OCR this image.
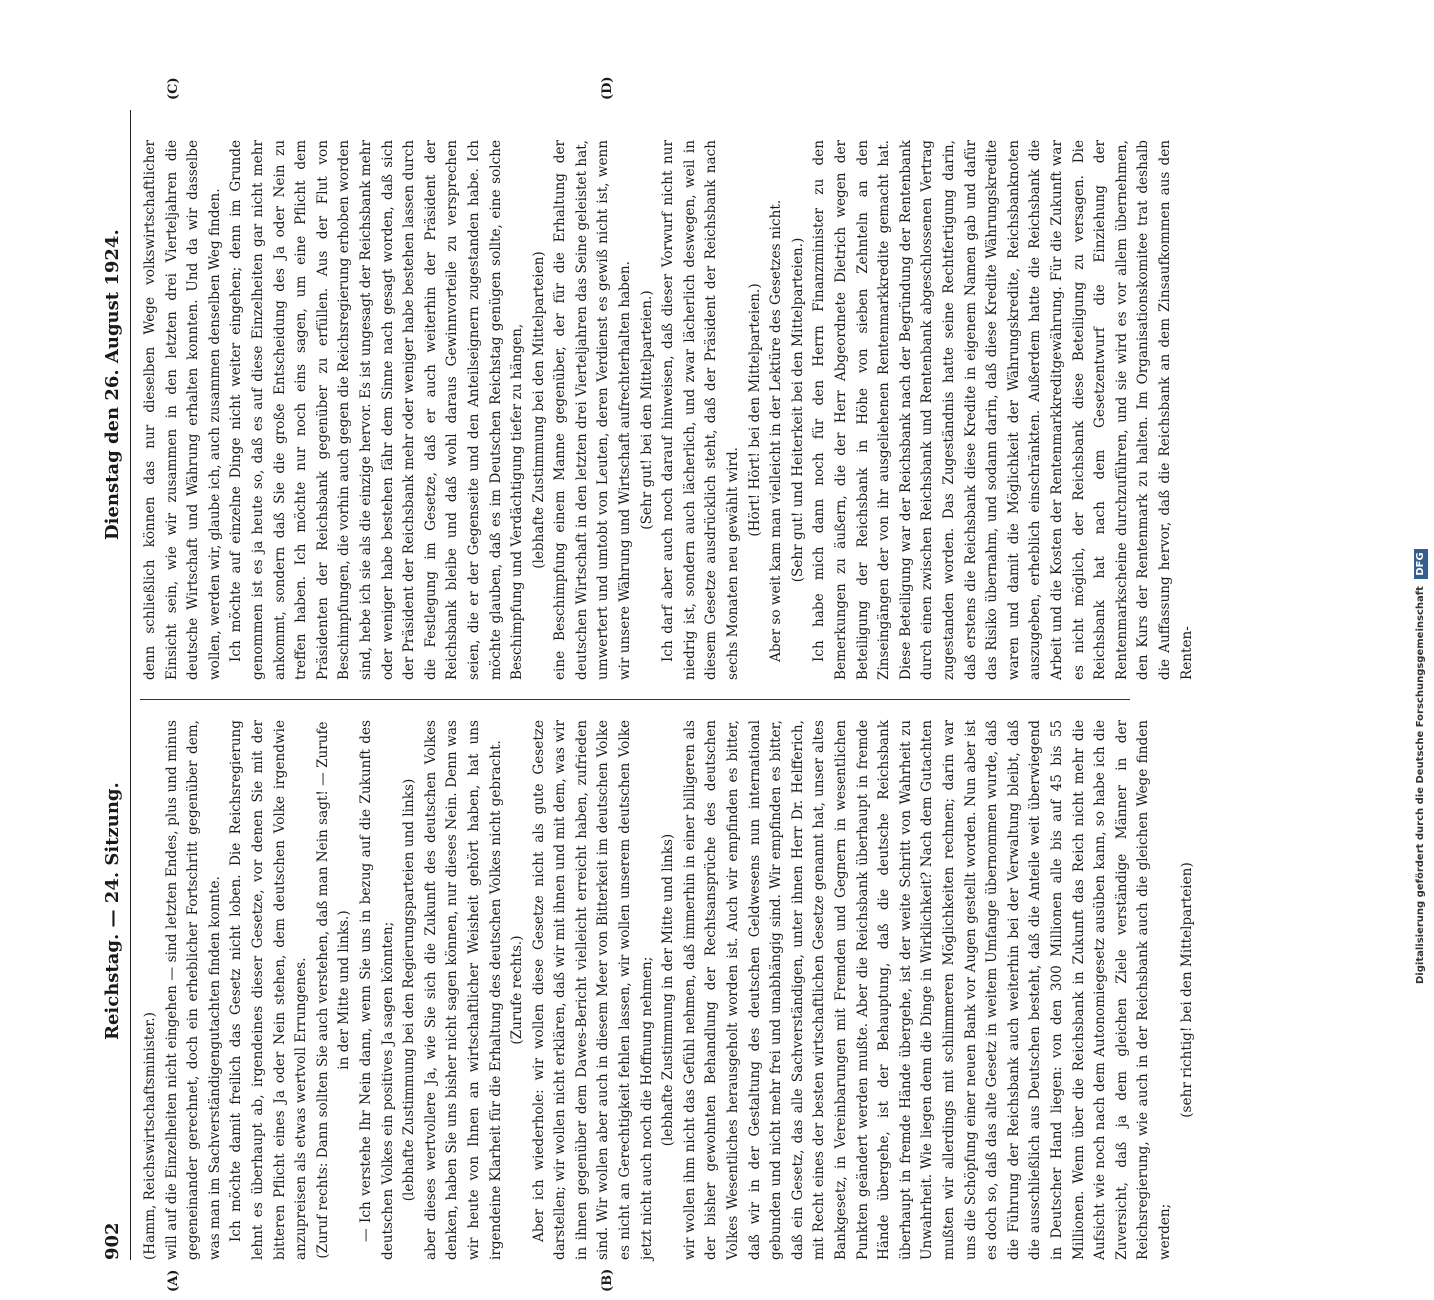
902
Reichstag. — 24. Sitzung.
Dienstag den 26. August 1924.
(A)	(B)
(C)	(D)

(Hamm, Reichswirtschaftsminister.) will auf die Einzelheiten nicht eingehen — sind letzten Endes, plus und minus gegeneinander gerechnet, doch ein erheblicher Fortschritt gegenüber dem, was man im Sachverständigengutachten finden konnte. Ich möchte damit freilich das Gesetz nicht loben. Die Reichsregierung lehnt es überhaupt ab, irgendeines dieser Gesetze, vor denen Sie mit der bitteren Pflicht eines Ja oder Nein stehen, dem deutschen Volke irgendwie anzupreisen als etwas wertvoll Errungenes. (Zuruf rechts: Dann sollten Sie auch verstehen, daß man Nein sagt! — Zurufe in der Mitte und links.) — Ich verstehe Ihr Nein dann, wenn Sie uns in bezug auf die Zukunft des deutschen Volkes ein positives Ja sagen könnten; (lebhafte Zustimmung bei den Regierungsparteien und links) aber dieses wertvollere Ja, wie Sie sich die Zukunft des deutschen Volkes denken, haben Sie uns bisher nicht sagen können, nur dieses Nein. Denn was wir heute von Ihnen an wirtschaftlicher Weisheit gehört haben, hat uns irgendeine Klarheit für die Erhaltung des deutschen Volkes nicht gebracht. (Zurufe rechts.) Aber ich wiederhole: wir wollen diese Gesetze nicht als gute Gesetze darstellen; wir wollen nicht erklären, daß wir mit ihnen und mit dem, was wir in ihnen gegenüber dem Dawes-Bericht vielleicht erreicht haben, zufrieden sind. Wir wollen aber auch in diesem Meer von Bitterkeit im deutschen Volke es nicht an Gerechtigkeit fehlen lassen, wir wollen unserem deutschen Volke jetzt nicht auch noch die Hoffnung nehmen; (lebhafte Zustimmung in der Mitte und links) wir wollen ihm nicht das Gefühl nehmen, daß immerhin in einer billigeren als der bisher gewohnten Behandlung der Rechtsansprüche des deutschen Volkes Wesentliches herausgeholt worden ist. Auch wir empfinden es bitter, daß wir in der Gestaltung des deutschen Geldwesens nun international gebunden und nicht mehr frei und unabhängig sind. Wir empfinden es bitter, daß ein Gesetz, das alle Sachverständigen, unter ihnen Herr Dr. Helfferich, mit Recht eines der besten wirtschaftlichen Gesetze genannt hat, unser altes Bankgesetz, in Vereinbarungen mit Fremden und Gegnern in wesentlichen Punkten geändert werden mußte. Aber die Reichsbank überhaupt in fremde Hände übergehe, ist der Behauptung, daß die deutsche Reichsbank überhaupt in fremde Hände übergehe, ist der weite Schritt von Wahrheit zu Unwahrheit. Wie liegen denn die Dinge in Wirklichkeit? Nach dem Gutachten mußten wir allerdings mit schlimmeren Möglichkeiten rechnen; darin war uns die Schöpfung einer neuen Bank vor Augen gestellt worden. Nun aber ist es doch so, daß das alte Gesetz in weitem Umfange übernommen wurde, daß die Führung der Reichsbank auch weiterhin bei der Verwaltung bleibt, daß die ausschließlich aus Deutschen besteht, daß die Anteile weit überwiegend in Deutscher Hand liegen: von den 300 Millionen alle bis auf 45 bis 55 Millionen. Wenn über die Reichsbank in Zukunft das Reich nicht mehr die Aufsicht wie noch nach dem Autonomiegesetz ausüben kann, so habe ich die Zuversicht, daß ja dem gleichen Ziele verständige Männer in der Reichsregierung, wie auch in der Reichsbank auch die gleichen Wege finden werden;

(sehr richtig! bei den Mittelparteien)

denn schließlich können das nur dieselben Wege volkswirtschaftlicher Einsicht sein, wie wir zusammen in den letzten drei Vierteljahren die deutsche Wirtschaft und Währung erhalten konnten. Und da wir dasselbe wollen, werden wir, glaube ich, auch zusammen denselben Weg finden. Ich möchte auf einzelne Dinge nicht weiter eingehen; denn im Grunde genommen ist es ja heute so, daß es auf diese Einzelheiten gar nicht mehr ankommt, sondern daß Sie die große Entscheidung des Ja oder Nein zu treffen haben. Ich möchte nur noch eins sagen, um eine Pflicht dem Präsidenten der Reichsbank gegenüber zu erfüllen. Aus der Flut von Beschimpfungen, die vorhin auch gegen die Reichsregierung erhoben worden sind, hebe ich sie als die einzige hervor. Es ist ungesagt der Reichsbank mehr oder weniger habe bestehen fähr dem Sinne nach gesagt worden, daß sich der Präsident der Reichsbank mehr oder weniger habe bestehen lassen durch die Festlegung im Gesetze, daß er auch weiterhin der Präsident der Reichsbank bleibe und daß wohl daraus Gewinnvorteile zu versprechen seien, die er der Gegenseite und den Anteilseignern zugestanden habe. Ich möchte glauben, daß es im Deutschen Reichstag genügen sollte, eine solche Beschimpfung und Verdächtigung tiefer zu hängen, (lebhafte Zustimmung bei den Mittelparteien) eine Beschimpfung einem Manne gegenüber, der für die Erhaltung der deutschen Wirtschaft in den letzten drei Vierteljahren das Seine geleistet hat, umwertert und umtobt von Leuten, deren Verdienst es gewiß nicht ist, wenn wir unsere Währung und Wirtschaft aufrechterhalten haben. (Sehr gut! bei den Mittelparteien.) Ich darf aber auch noch darauf hinweisen, daß dieser Vorwurf nicht nur niedrig ist, sondern auch lächerlich, und zwar lächerlich deswegen, weil in diesem Gesetze ausdrücklich steht, daß der Präsident der Reichsbank nach sechs Monaten neu gewählt wird.

(Hört! Hört! bei den Mittelparteien.) Aber so weit kam man vielleicht in der Lektüre des Gesetzes nicht. (Sehr gut! und Heiterkeit bei den Mittelparteien.) Ich habe mich dann noch für den Herrn Finanzminister zu den Bemerkungen zu äußern, die der Herr Abgeordnete Dietrich wegen der Beteiligung der Reichsbank in Höhe von sieben Zehnteln an den Zinseingängen der von ihr ausgeliehenen Rentenmarkkredite gemacht hat. Diese Beteiligung war der Reichsbank nach der Begründung der Rentenbank durch einen zwischen Reichsbank und Rentenbank abgeschlossenen Vertrag zugestanden worden. Das Zugeständnis hatte seine Rechtfertigung darin, daß erstens die Reichsbank diese Kredite in eigenem Namen gab und dafür das Risiko übernahm, und sodann darin, daß diese Kredite Währungskredite waren und damit die Möglichkeit der Währungskredite, Reichsbanknoten auszugeben, erheblich einschränkten. Außerdem hatte die Reichsbank die Arbeit und die Kosten der Rentenmarkkreditgewährung. Für die Zukunft war es nicht möglich, der Reichsbank diese Beteiligung zu versagen. Die Reichsbank hat nach dem Gesetzentwurf die Einziehung der Rentenmarkscheine durchzuführen, und sie wird es vor allem übernehmen, den Kurs der Rentenmark zu halten. Im Organisationskomitee trat deshalb die Auffassung hervor, daß die Reichsbank an dem Zinsaufkommen aus den Renten-	Digitalisierung gefördert durch die Deutsche Forschungsgemeinschaft DFG
